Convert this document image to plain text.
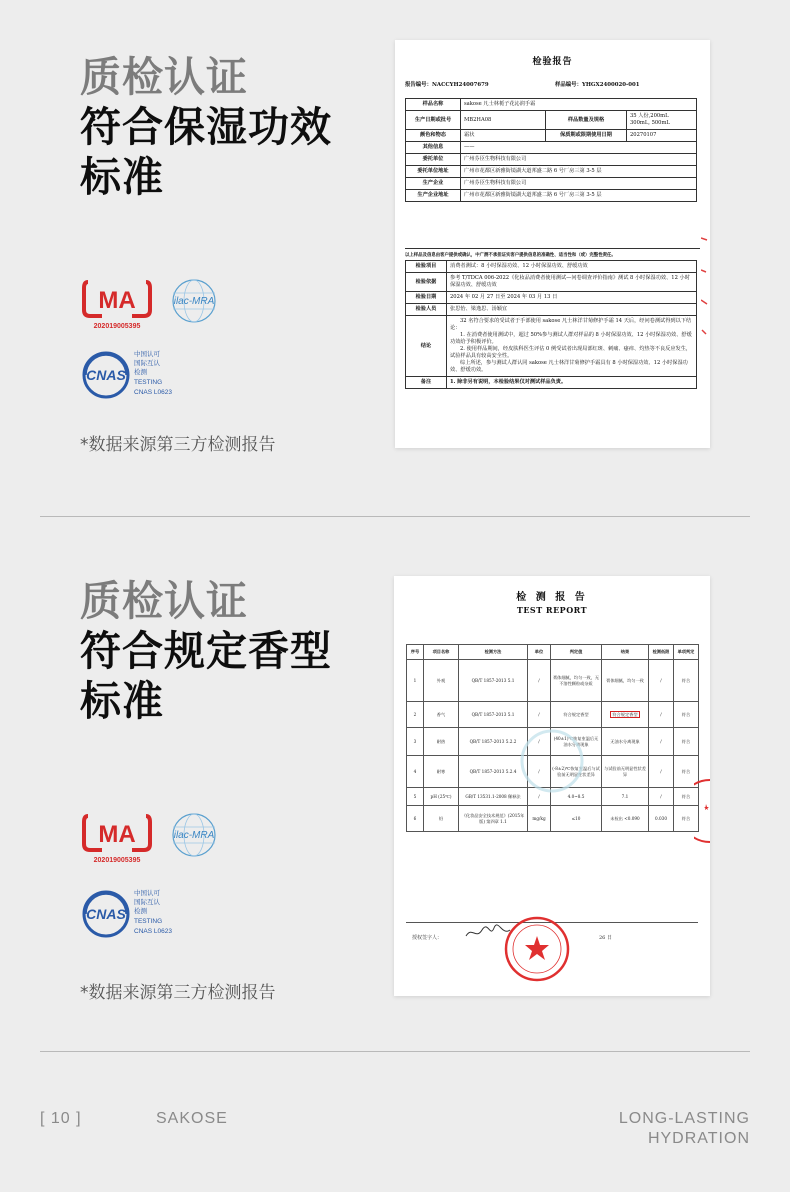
质检认证
符合保湿功效
标准
MA
202019005395
ilac-MRA
CNAS
中国认可
国际互认
检测
TESTING
CNAS L0623
*数据来源第三方检测报告
检验报告
报告编号：NACCYH24007679	样品编号：YHGX2400020-001
样品名称	sakose 凡士林栀子花沁润手霜		
生产日期或批号	MB2HA08	样品数量及规格	35 人份,200mL
300mL, 500mL

颜色和物态	霜状	保质期或限期使用日期	20270107
其他信息	——		
委托单位	广州芬臣生物科技有限公司		
委托单位地址	广州市花都区新雅街镜湖大道邦盛二路 6 号厂房三第 3-5 层		
生产企业	广州芬臣生物科技有限公司		
生产企业地址	广州市花都区新雅街镜湖大道邦盛二路 6 号厂房三第 3-5 层		
以上样品及信息由客户提供或确认，中广测不承担证实客户提供信息的准确性、适当性和（或）完整性责任。
检验项目	消费者测试：8 小时保湿功效、12 小时保湿功效、舒缓功效
检验依据	参考 T/TDCA 006-2022《化妆品消费者使用测试—问卷调查评价指南》测试 8 小时保湿功效、12 小时保湿功效、舒缓功效
检验日期	2024 年 02 月 27 日至 2024 年 03 月 13 日
检验人员	张思怡、梁逸思、汤颖宜
结论	32 名符合要求的受试者于手部使用 sakose 凡士林洋甘菊修护手霜 14 天后，经问卷测试得到以下结论：
1. 在消费者使用测试中，超过 50%参与测试人群对样品的 8 小时保湿功效、12 小时保湿功效、舒缓功效给予积极评价。
2. 使用样品期间，经皮肤科医生评估 0 例受试者出现局部红斑、刺痛、瘙痒、灼热等不良反应发生，试验样品具有较高安全性。
综上所述，参与测试人群认同 sakose 凡士林洋甘菊修护手霜具有 8 小时保湿功效、12 小时保湿功效、舒缓功效。

备注	1. 除非另有说明，本检验结果仅对测试样品负责。
质检认证
符合规定香型
标准
MA
202019005395
ilac-MRA
CNAS
中国认可
国际互认
检测
TESTING
CNAS L0623
*数据来源第三方检测报告
检 测 报 告
TEST REPORT
序号	项目名称	检测方法	单位	判定值	结果	检测低限	单项判定
1	外观	QB/T 1857-2013 5.1	/	膏体细腻，均匀一致，无不溶性颗粒或杂质	膏体细腻，均匀一致	/	符合
2	香气	QB/T 1857-2013 5.1	/	符合规定香型	符合规定香型	/	符合
3	耐热	QB/T 1857-2013 5.2.2	/	(40±1)℃恢复室温后无油水分离现象	无油水分离现象	/	符合
4	耐寒	QB/T 1857-2013 5.2.4	/	(-8±2)℃恢复室温后与试验前无明显性状差异	与试验前无明显性状差异	/	符合
5	pH (25℃)	GB/T 13531.1-2008 稀释法	/	4.0~8.5	7.1	/	符合
6	铅	《化妆品安全技术规范》(2015年版) 第四章 1.1	mg/kg	≤10	未检出 <0.090	0.030	符合
授权签字人：	26 日
[ 10 ]	SAKOSE	LONG-LASTING
HYDRATION
